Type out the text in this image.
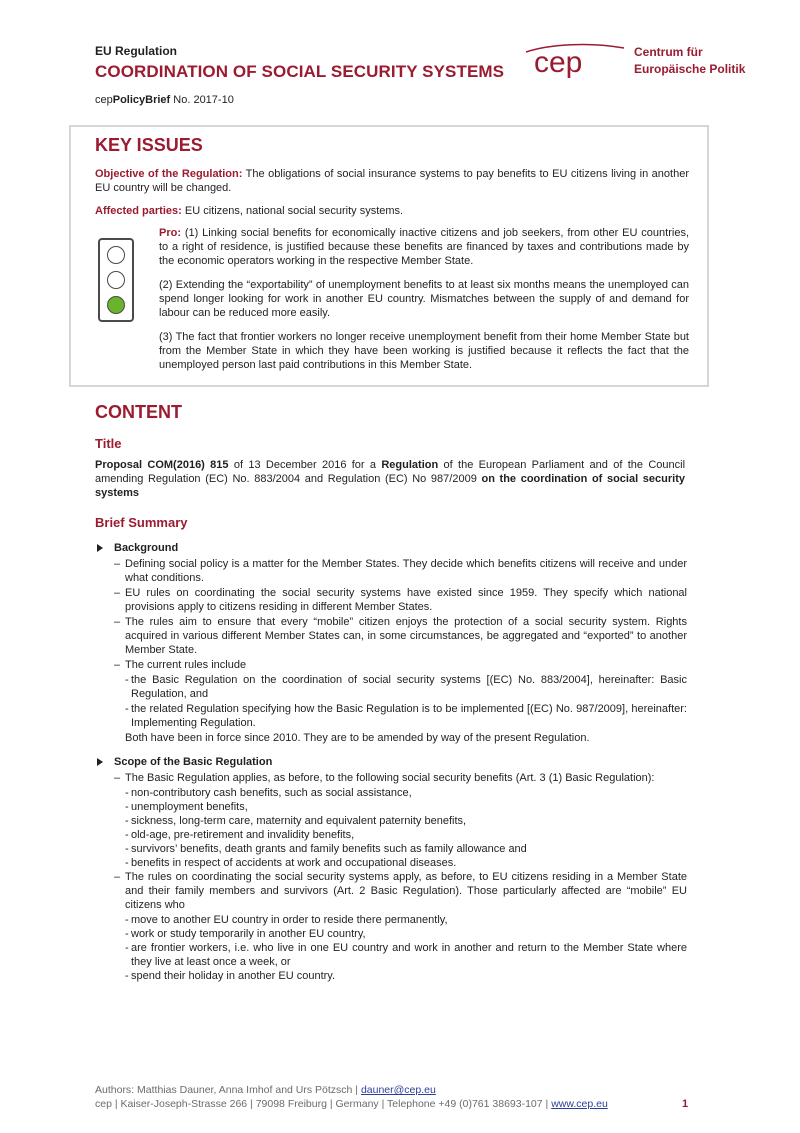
EU Regulation
COORDINATION OF SOCIAL SECURITY SYSTEMS
cepPolicyBrief No. 2017-10
cep	Centrum für
Europäische Politik
KEY ISSUES
Objective of the Regulation: The obligations of social insurance systems to pay benefits to EU citizens living in another EU country will be changed.
Affected parties: EU citizens, national social security systems.
Pro: (1) Linking social benefits for economically inactive citizens and job seekers, from other EU countries, to a right of residence, is justified because these benefits are financed by taxes and contributions made by the economic operators working in the respective Member State.
(2) Extending the “exportability” of unemployment benefits to at least six months means the unemployed can spend longer looking for work in another EU country. Mismatches between the supply of and demand for labour can be reduced more easily.
(3) The fact that frontier workers no longer receive unemployment benefit from their home Member State but from the Member State in which they have been working is justified because it reflects the fact that the unemployed person last paid contributions in this Member State.
CONTENT
Title
Proposal COM(2016) 815 of 13 December 2016 for a Regulation of the European Parliament and of the Council amending Regulation (EC) No. 883/2004 and Regulation (EC) No 987/2009 on the coordination of social security systems
Brief Summary
Background
– Defining social policy is a matter for the Member States. They decide which benefits citizens will receive and under what conditions.
– EU rules on coordinating the social security systems have existed since 1959. They specify which national provisions apply to citizens residing in different Member States.
– The rules aim to ensure that every “mobile” citizen enjoys the protection of a social security system. Rights acquired in various different Member States can, in some circumstances, be aggregated and “exported” to another Member State.
– The current rules include
- the Basic Regulation on the coordination of social security systems [(EC) No. 883/2004], hereinafter: Basic Regulation, and
- the related Regulation specifying how the Basic Regulation is to be implemented [(EC) No. 987/2009], hereinafter: Implementing Regulation.
Both have been in force since 2010. They are to be amended by way of the present Regulation.
Scope of the Basic Regulation
– The Basic Regulation applies, as before, to the following social security benefits (Art. 3 (1) Basic Regulation):
- non-contributory cash benefits, such as social assistance,
- unemployment benefits,
- sickness, long-term care, maternity and equivalent paternity benefits,
- old-age, pre-retirement and invalidity benefits,
- survivors’ benefits, death grants and family benefits such as family allowance and
- benefits in respect of accidents at work and occupational diseases.
– The rules on coordinating the social security systems apply, as before, to EU citizens residing in a Member State and their family members and survivors (Art. 2 Basic Regulation). Those particularly affected are “mobile” EU citizens who
- move to another EU country in order to reside there permanently,
- work or study temporarily in another EU country,
- are frontier workers, i.e. who live in one EU country and work in another and return to the Member State where they live at least once a week, or
- spend their holiday in another EU country.
Authors: Matthias Dauner, Anna Imhof and Urs Pötzsch | dauner@cep.eu
cep | Kaiser-Joseph-Strasse 266 | 79098 Freiburg | Germany | Telephone +49 (0)761 38693-107 | www.cep.eu	1
